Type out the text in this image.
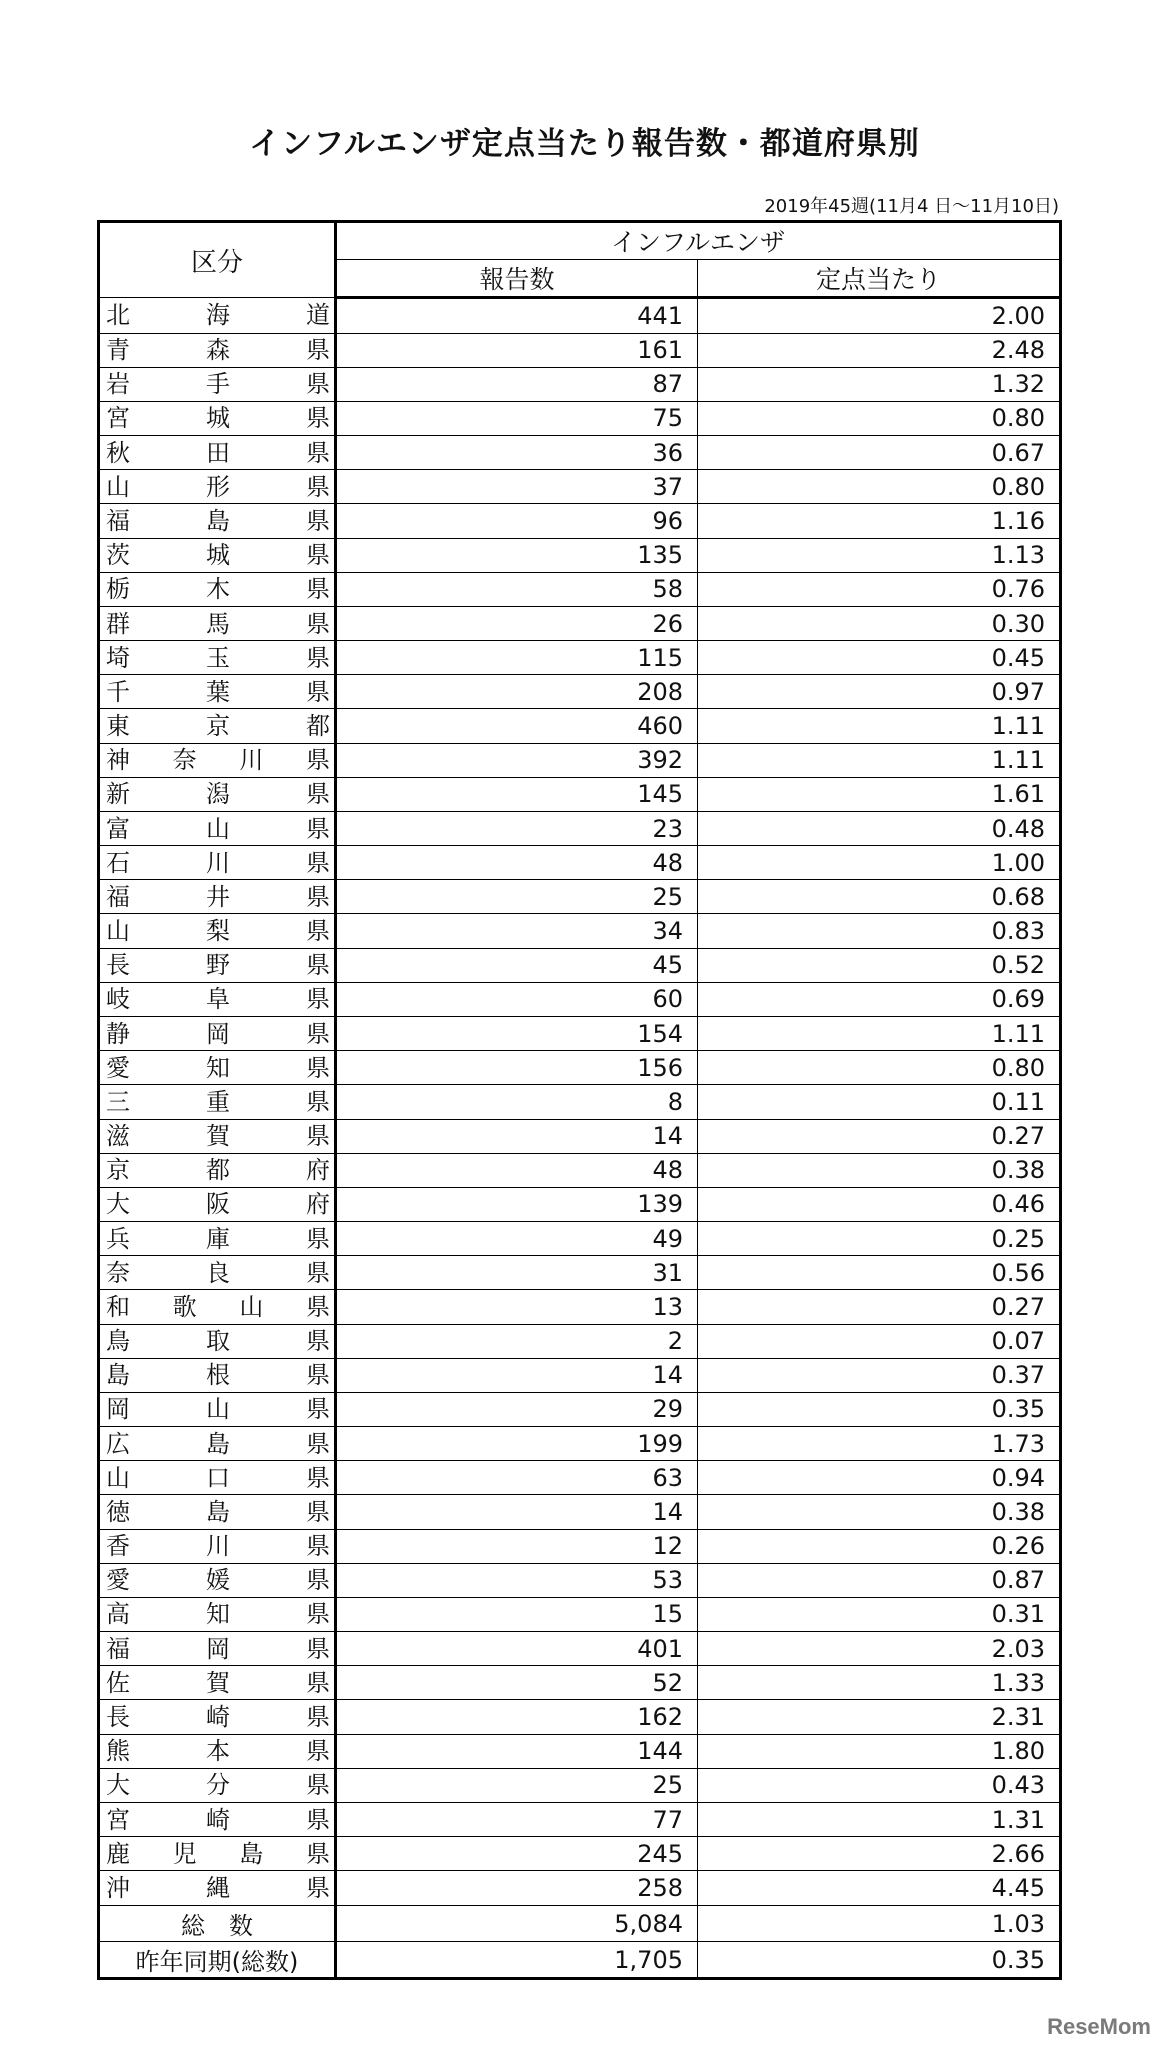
インフルエンザ定点当たり報告数・都道府県別
2019年45週(11月4 日～11月10日)
区分	インフルエンザ	
	報告数	定点当たり

北 海 道	441	2.00

青 森 県	161	2.48

岩 手 県	87	1.32

宮 城 県	75	0.80

秋 田 県	36	0.67

山 形 県	37	0.80

福 島 県	96	1.16

茨 城 県	135	1.13

栃 木 県	58	0.76

群 馬 県	26	0.30

埼 玉 県	115	0.45

千 葉 県	208	0.97

東 京 都	460	1.11

神 奈 川 県	392	1.11

新 潟 県	145	1.61

富 山 県	23	0.48

石 川 県	48	1.00

福 井 県	25	0.68

山 梨 県	34	0.83

長 野 県	45	0.52

岐 阜 県	60	0.69

静 岡 県	154	1.11

愛 知 県	156	0.80

三 重 県	8	0.11

滋 賀 県	14	0.27

京 都 府	48	0.38

大 阪 府	139	0.46

兵 庫 県	49	0.25

奈 良 県	31	0.56

和 歌 山 県	13	0.27

鳥 取 県	2	0.07

島 根 県	14	0.37

岡 山 県	29	0.35

広 島 県	199	1.73

山 口 県	63	0.94

徳 島 県	14	0.38

香 川 県	12	0.26

愛 媛 県	53	0.87

高 知 県	15	0.31

福 岡 県	401	2.03

佐 賀 県	52	1.33

長 崎 県	162	2.31

熊 本 県	144	1.80

大 分 県	25	0.43

宮 崎 県	77	1.31

鹿 児 島 県	245	2.66

沖 縄 県	258	4.45
総　数	5,084	1.03
昨年同期(総数)	1,705	0.35
ReseMom
